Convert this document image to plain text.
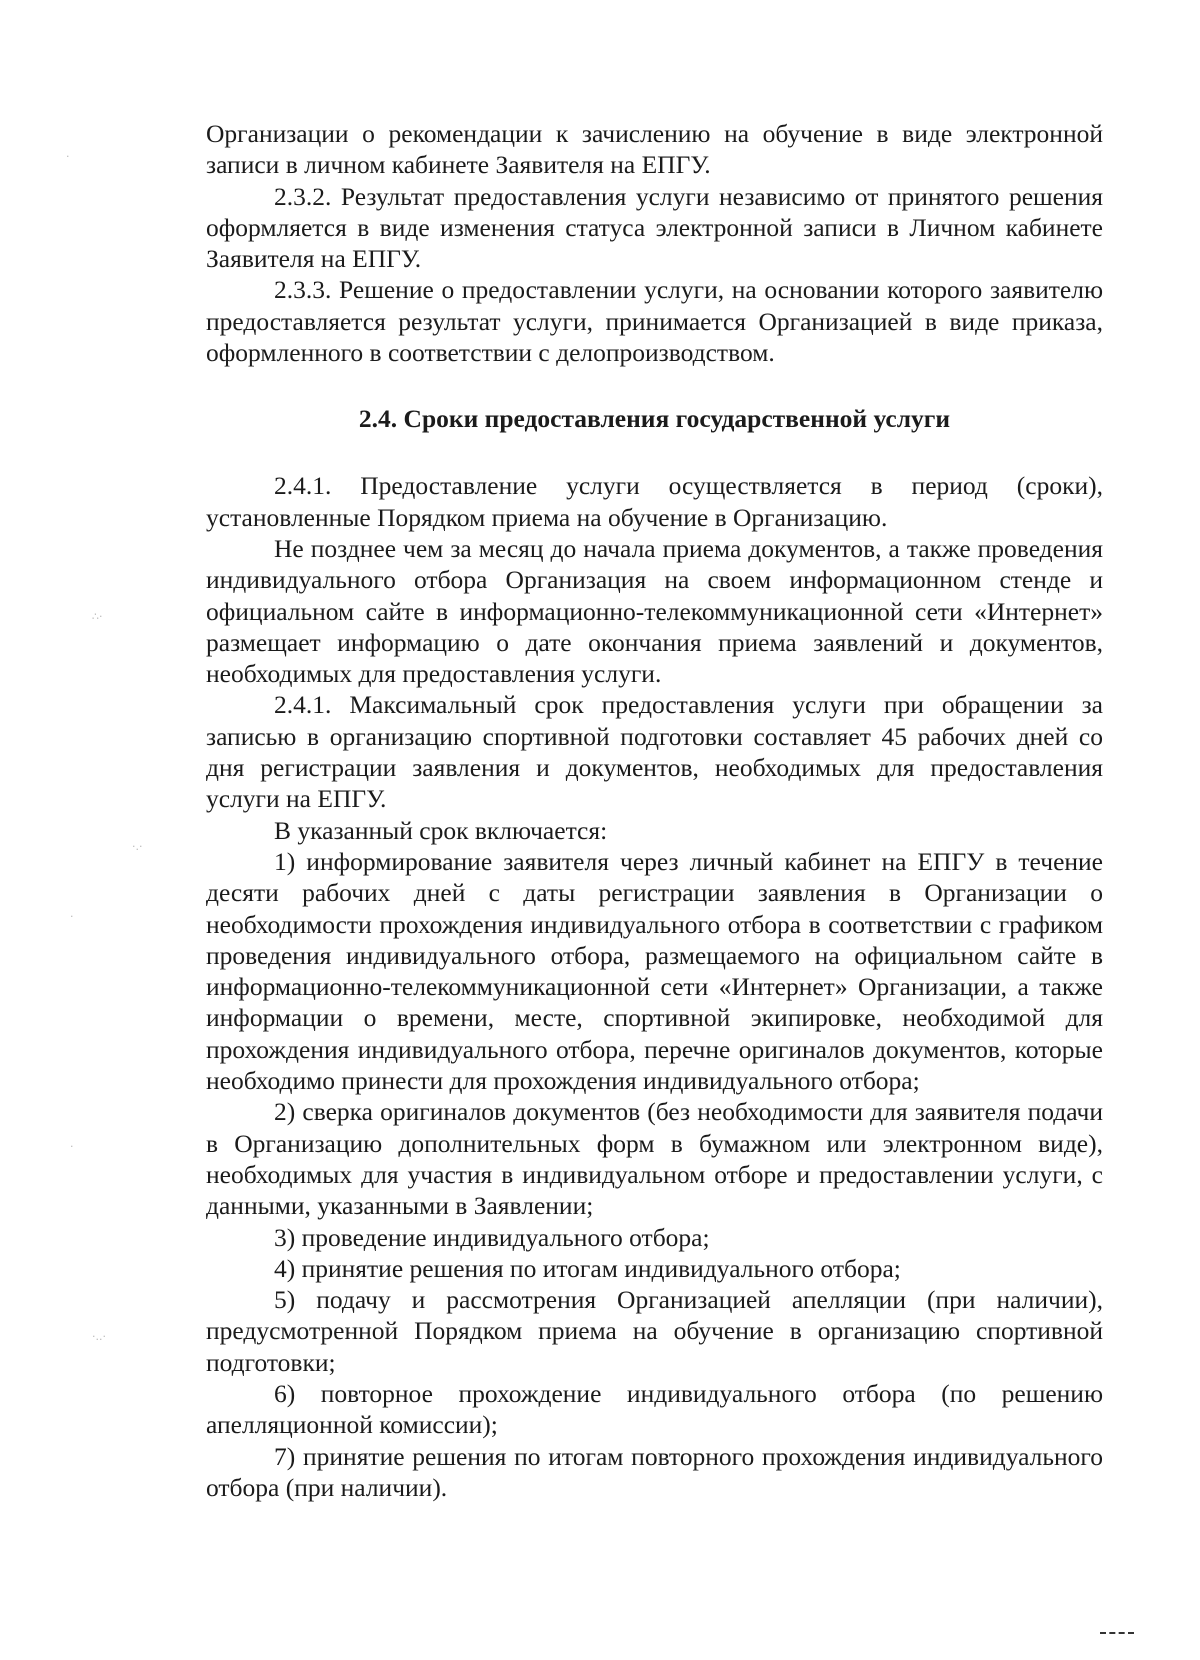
Организации о рекомендации к зачислению на обучение в виде электронной записи в личном кабинете Заявителя на ЕПГУ.

2.3.2. Результат предоставления услуги независимо от принятого решения оформляется в виде изменения статуса электронной записи в Личном кабинете Заявителя на ЕПГУ.

2.3.3. Решение о предоставлении услуги, на основании которого заявителю предоставляется результат услуги, принимается Организацией в виде приказа, оформленного в соответствии с делопроизводством.

2.4. Сроки предоставления государственной услуги

2.4.1. Предоставление услуги осуществляется в период (сроки), установленные Порядком приема на обучение в Организацию.

Не позднее чем за месяц до начала приема документов, а также проведения индивидуального отбора Организация на своем информационном стенде и официальном сайте в информационно-телекоммуникационной сети «Интернет» размещает информацию о дате окончания приема заявлений и документов, необходимых для предоставления услуги.

2.4.1. Максимальный срок предоставления услуги при обращении за записью в организацию спортивной подготовки составляет 45 рабочих дней со дня регистрации заявления и документов, необходимых для предоставления услуги на ЕПГУ.

В указанный срок включается:

1) информирование заявителя через личный кабинет на ЕПГУ в течение десяти рабочих дней с даты регистрации заявления в Организации о необходимости прохождения индивидуального отбора в соответствии с графиком проведения индивидуального отбора, размещаемого на официальном сайте в информационно-телекоммуникационной сети «Интернет» Организации, а также информации о времени, месте, спортивной экипировке, необходимой для прохождения индивидуального отбора, перечне оригиналов документов, которые необходимо принести для прохождения индивидуального отбора;

2) сверка оригиналов документов (без необходимости для заявителя подачи в Организацию дополнительных форм в бумажном или электронном виде), необходимых для участия в индивидуальном отборе и предоставлении услуги, с данными, указанными в Заявлении;

3) проведение индивидуального отбора;

4) принятие решения по итогам индивидуального отбора;

5) подачу и рассмотрения Организацией апелляции (при наличии), предусмотренной Порядком приема на обучение в организацию спортивной подготовки;

6) повторное прохождение индивидуального отбора (по решению апелляционной комиссии);

7) принятие решения по итогам повторного прохождения индивидуального отбора (при наличии).

·
∴·
·.·
·
·
·..·
